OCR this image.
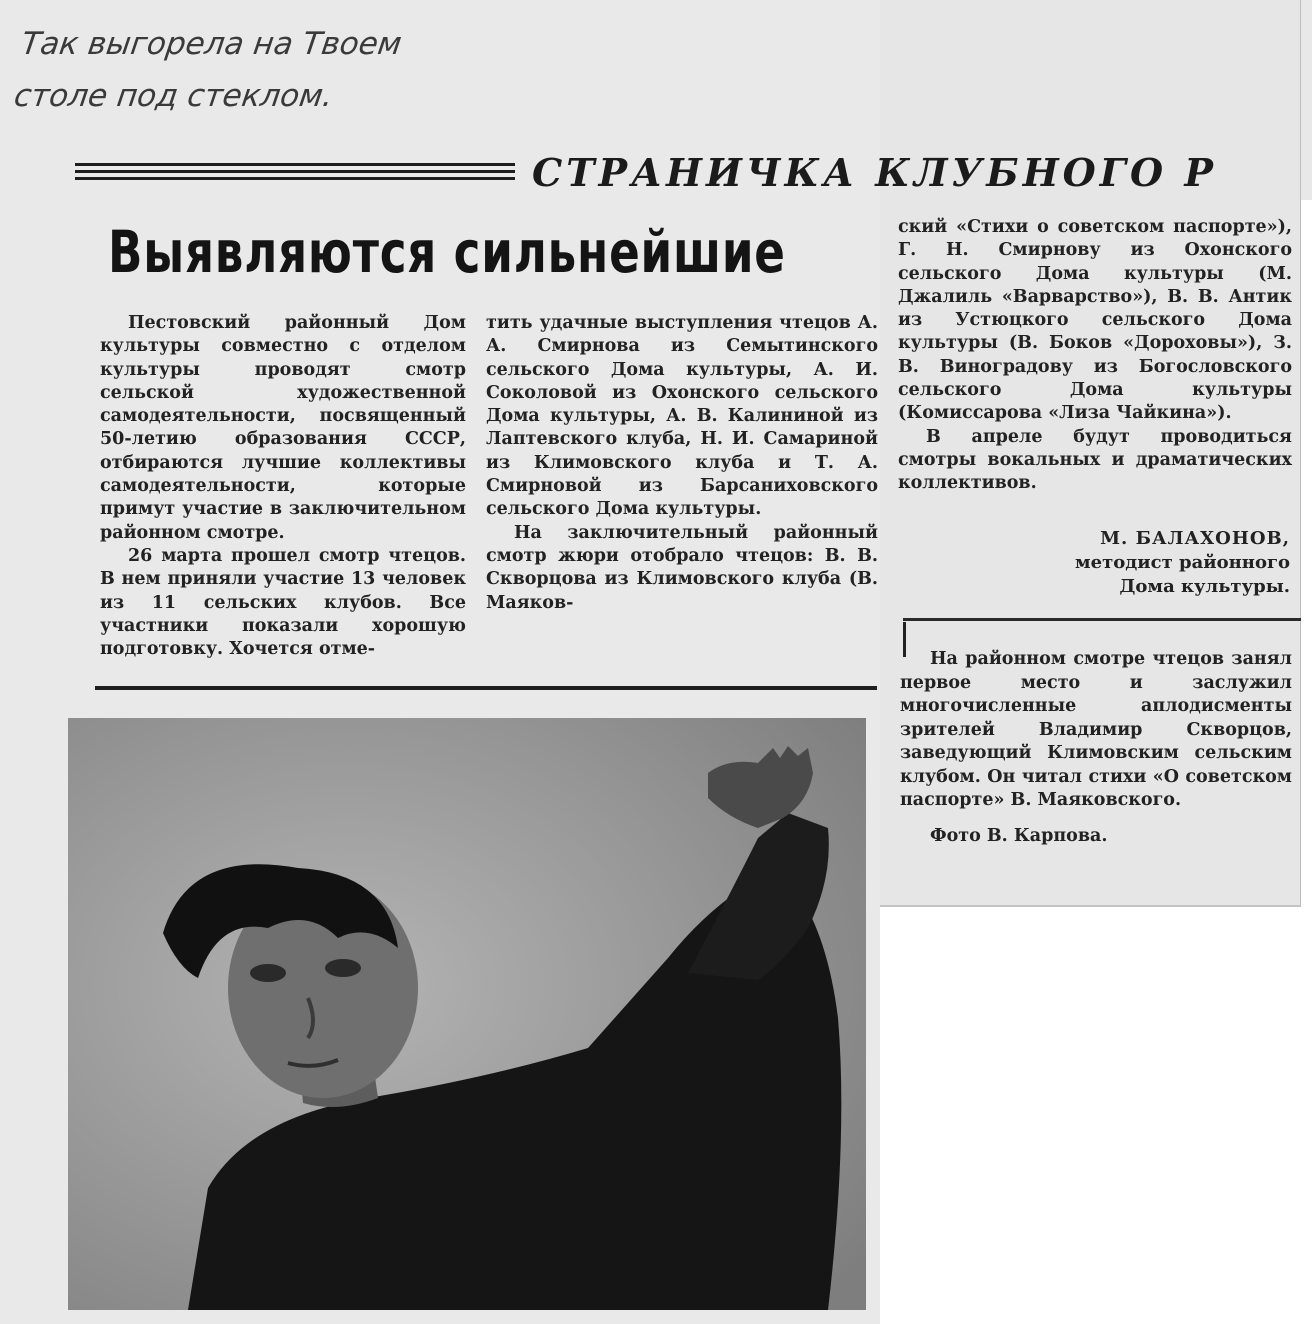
Так выгорела на Твоем
столе под стеклом.
СТРАНИЧКА КЛУБНОГО Р
Выявляются сильнейшие

Пестовский районный Дом культуры совместно с отделом культуры проводят смотр сельской художественной самодеятельности, посвященный 50-летию образования СССР, отбираются лучшие коллективы самодеятельности, которые примут участие в заключительном районном смотре.

26 марта прошел смотр чтецов. В нем приняли участие 13 человек из 11 сельских клубов. Все участники показали хорошую подготовку. Хочется отме-

тить удачные выступления чтецов А. А. Смирнова из Семытинского сельского Дома культуры, А. И. Соколовой из Охонского сельского Дома культуры, А. В. Калининой из Лаптевского клуба, Н. И. Самариной из Климовского клуба и Т. А. Смирновой из Барсаниховского сельского Дома культуры.

На заключительный районный смотр жюри отобрало чтецов: В. В. Скворцова из Климовского клуба (В. Маяков-

ский «Стихи о советском паспорте»), Г. Н. Смирнову из Охонского сельского Дома культуры (М. Джалиль «Варварство»), В. В. Антик из Устюцкого сельского Дома культуры (В. Боков «Дороховы»), З. В. Виноградову из Богословского сельского Дома культуры (Комиссарова «Лиза Чайкина»).

В апреле будут проводиться смотры вокальных и драматических коллективов.

М. БАЛАХОНОВ,
методист районного
Дома культуры.

На районном смотре чтецов занял первое место и заслужил многочисленные аплодисменты зрителей Владимир Скворцов, заведующий Климовским сельским клубом. Он читал стихи «О советском паспорте» В. Маяковского.

Фото В. Карпова.
